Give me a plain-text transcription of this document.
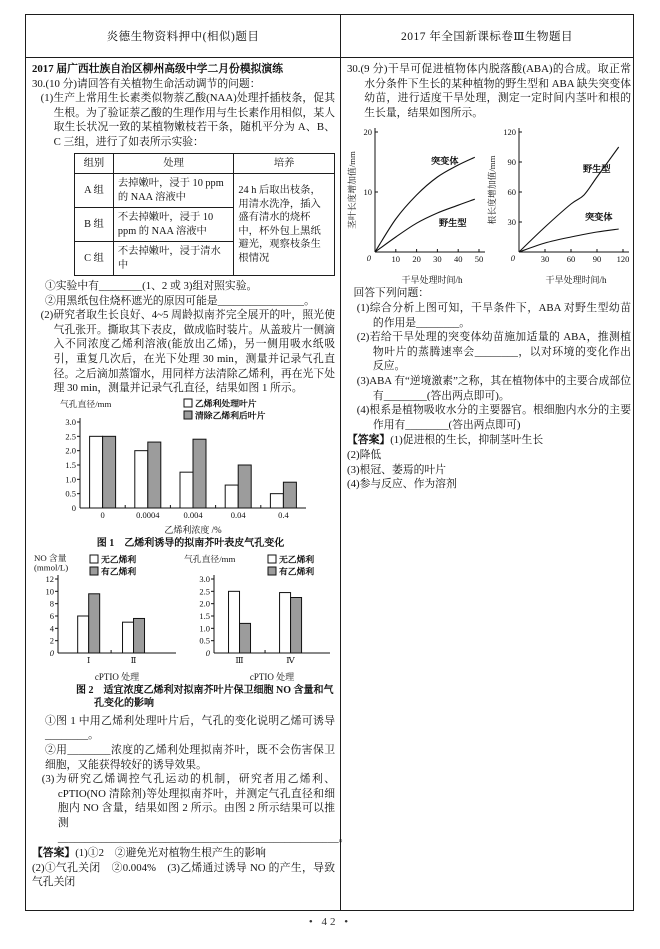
炎德生物资料押中(相似)题目	2017 年全国新课标卷Ⅲ生物题目
2017 届广西壮族自治区柳州高级中学二月份模拟演练
30.(10 分)请回答有关植物生命活动调节的问题：
(1)生产上常用生长素类似物萘乙酸(NAA)处理扦插枝条，促其生根。为了验证萘乙酸的生理作用与生长素作用相似，某人取生长状况一致的某植物嫩枝若干条，随机平分为 A、B、C 三组，进行了如表所示实验：
组别	处理	培养
A 组	去掉嫩叶，浸于 10 ppm 的 NAA 溶液中	24 h 后取出枝条，用清水洗净，插入盛有清水的烧杯中，杯外包上黑纸避光，观察枝条生根情况
B 组	不去掉嫩叶，浸于 10 ppm 的 NAA 溶液中	
C 组	不去掉嫩叶，浸于清水中	
①实验中有________(1、2 或 3)组对照实验。
②用黑纸包住烧杯遮光的原因可能是________________。
(2)研究者取生长良好、4~5 周龄拟南芥完全展开的叶，照光使气孔张开。撕取其下表皮，做成临时装片。从盖玻片一侧滴入不同浓度乙烯利溶液(能放出乙烯)，另一侧用吸水纸吸引，重复几次后，在光下处理 30 min，测量并记录气孔直径。之后滴加蒸馏水，用同样方法清除乙烯利，再在光下处理 30 min，测量并记录气孔直径，结果如图 1 所示。
0
0.5
1.0
1.5
2.0
2.5
3.0
0	0.0004	0.004	0.04	0.4
乙烯利浓度 /%
气孔直径/mm	乙烯利处理叶片
清除乙烯利后叶片
图 1　乙烯利诱导的拟南芥叶表皮气孔变化
0
2
4
6
8
10
12
Ⅰ	Ⅱ
cPTIO 处理
NO 含量
(mmol/L)
无乙烯利
有乙烯利
0
0.5
1.0
1.5
2.0
2.5
3.0
Ⅲ	Ⅳ
cPTIO 处理
气孔直径/mm	无乙烯利
有乙烯利
图 2　适宜浓度乙烯利对拟南芥叶片保卫细胞 NO 含量和气孔变化的影响
①图 1 中用乙烯利处理叶片后，气孔的变化说明乙烯可诱导________。
②用________浓度的乙烯利处理拟南芥叶，既不会伤害保卫细胞，又能获得较好的诱导效果。
(3)为研究乙烯调控气孔运动的机制，研究者用乙烯利、cPTIO(NO 清除剂)等处理拟南芥叶，并测定气孔直径和细胞内 NO 含量，结果如图 2 所示。由图 2 所示结果可以推测____________________________________________________。
【答案】(1)①2　②避免光对植物生根产生的影响
(2)①气孔关闭　②0.004%　(3)乙烯通过诱导 NO 的产生，导致气孔关闭
30.(9 分)干旱可促进植物体内脱落酸(ABA)的合成。取正常水分条件下生长的某种植物的野生型和 ABA 缺失突变体幼苗，进行适度干旱处理，测定一定时间内茎叶和根的生长量，结果如图所示。
10 20 30 40 50
10
20
0
突变体
野生型
干旱处理时间/h
茎叶长度增加值/mm
30 60 90 120
30
60
90
120
0
野生型
突变体
干旱处理时间/h
根长度增加值/mm
回答下列问题：
(1)综合分析上图可知，干旱条件下，ABA 对野生型幼苗的作用是________。
(2)若给干旱处理的突变体幼苗施加适量的 ABA，推测植物叶片的蒸腾速率会________，以对环境的变化作出反应。
(3)ABA 有“逆境激素”之称，其在植物体中的主要合成部位有________(答出两点即可)。
(4)根系是植物吸收水分的主要器官。根细胞内水分的主要作用有________(答出两点即可)
【答案】(1)促进根的生长，抑制茎叶生长
(2)降低
(3)根冠、萎焉的叶片
(4)参与反应、作为溶剂
• 42 •
